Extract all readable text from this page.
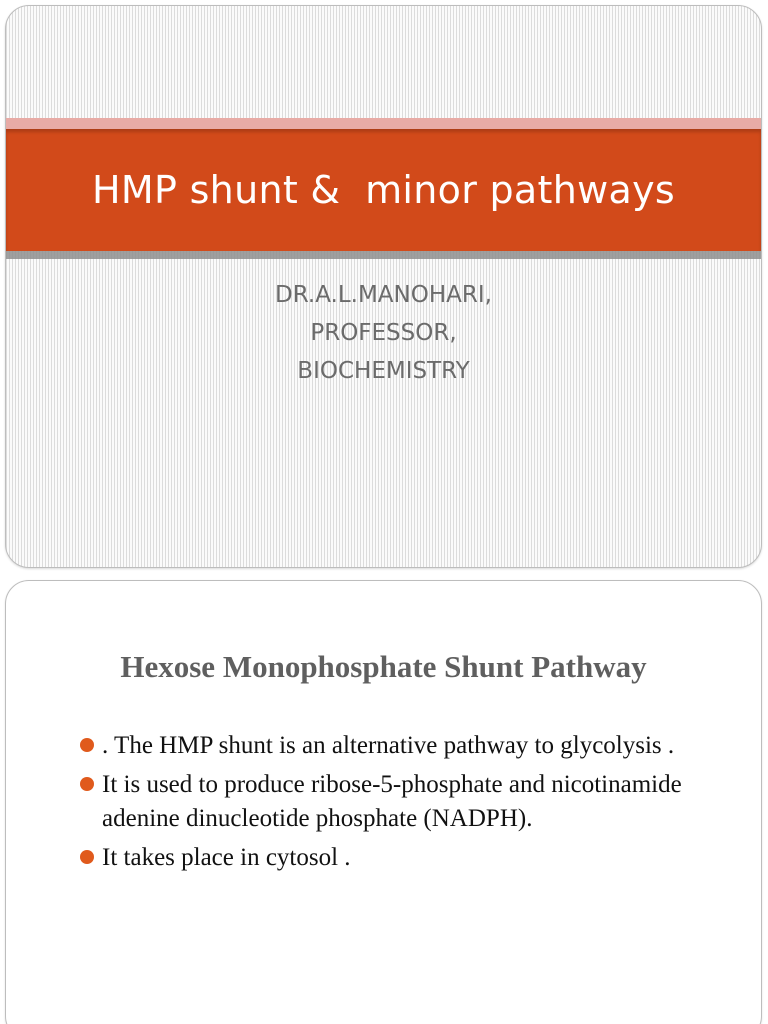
HMP shunt &  minor pathways
DR.A.L.MANOHARI,
PROFESSOR,
BIOCHEMISTRY
Hexose Monophosphate Shunt Pathway
. The HMP shunt is an alternative pathway to glycolysis .
It is used to produce ribose-5-phosphate and nicotinamide adenine dinucleotide phosphate (NADPH).
It takes place in cytosol .
